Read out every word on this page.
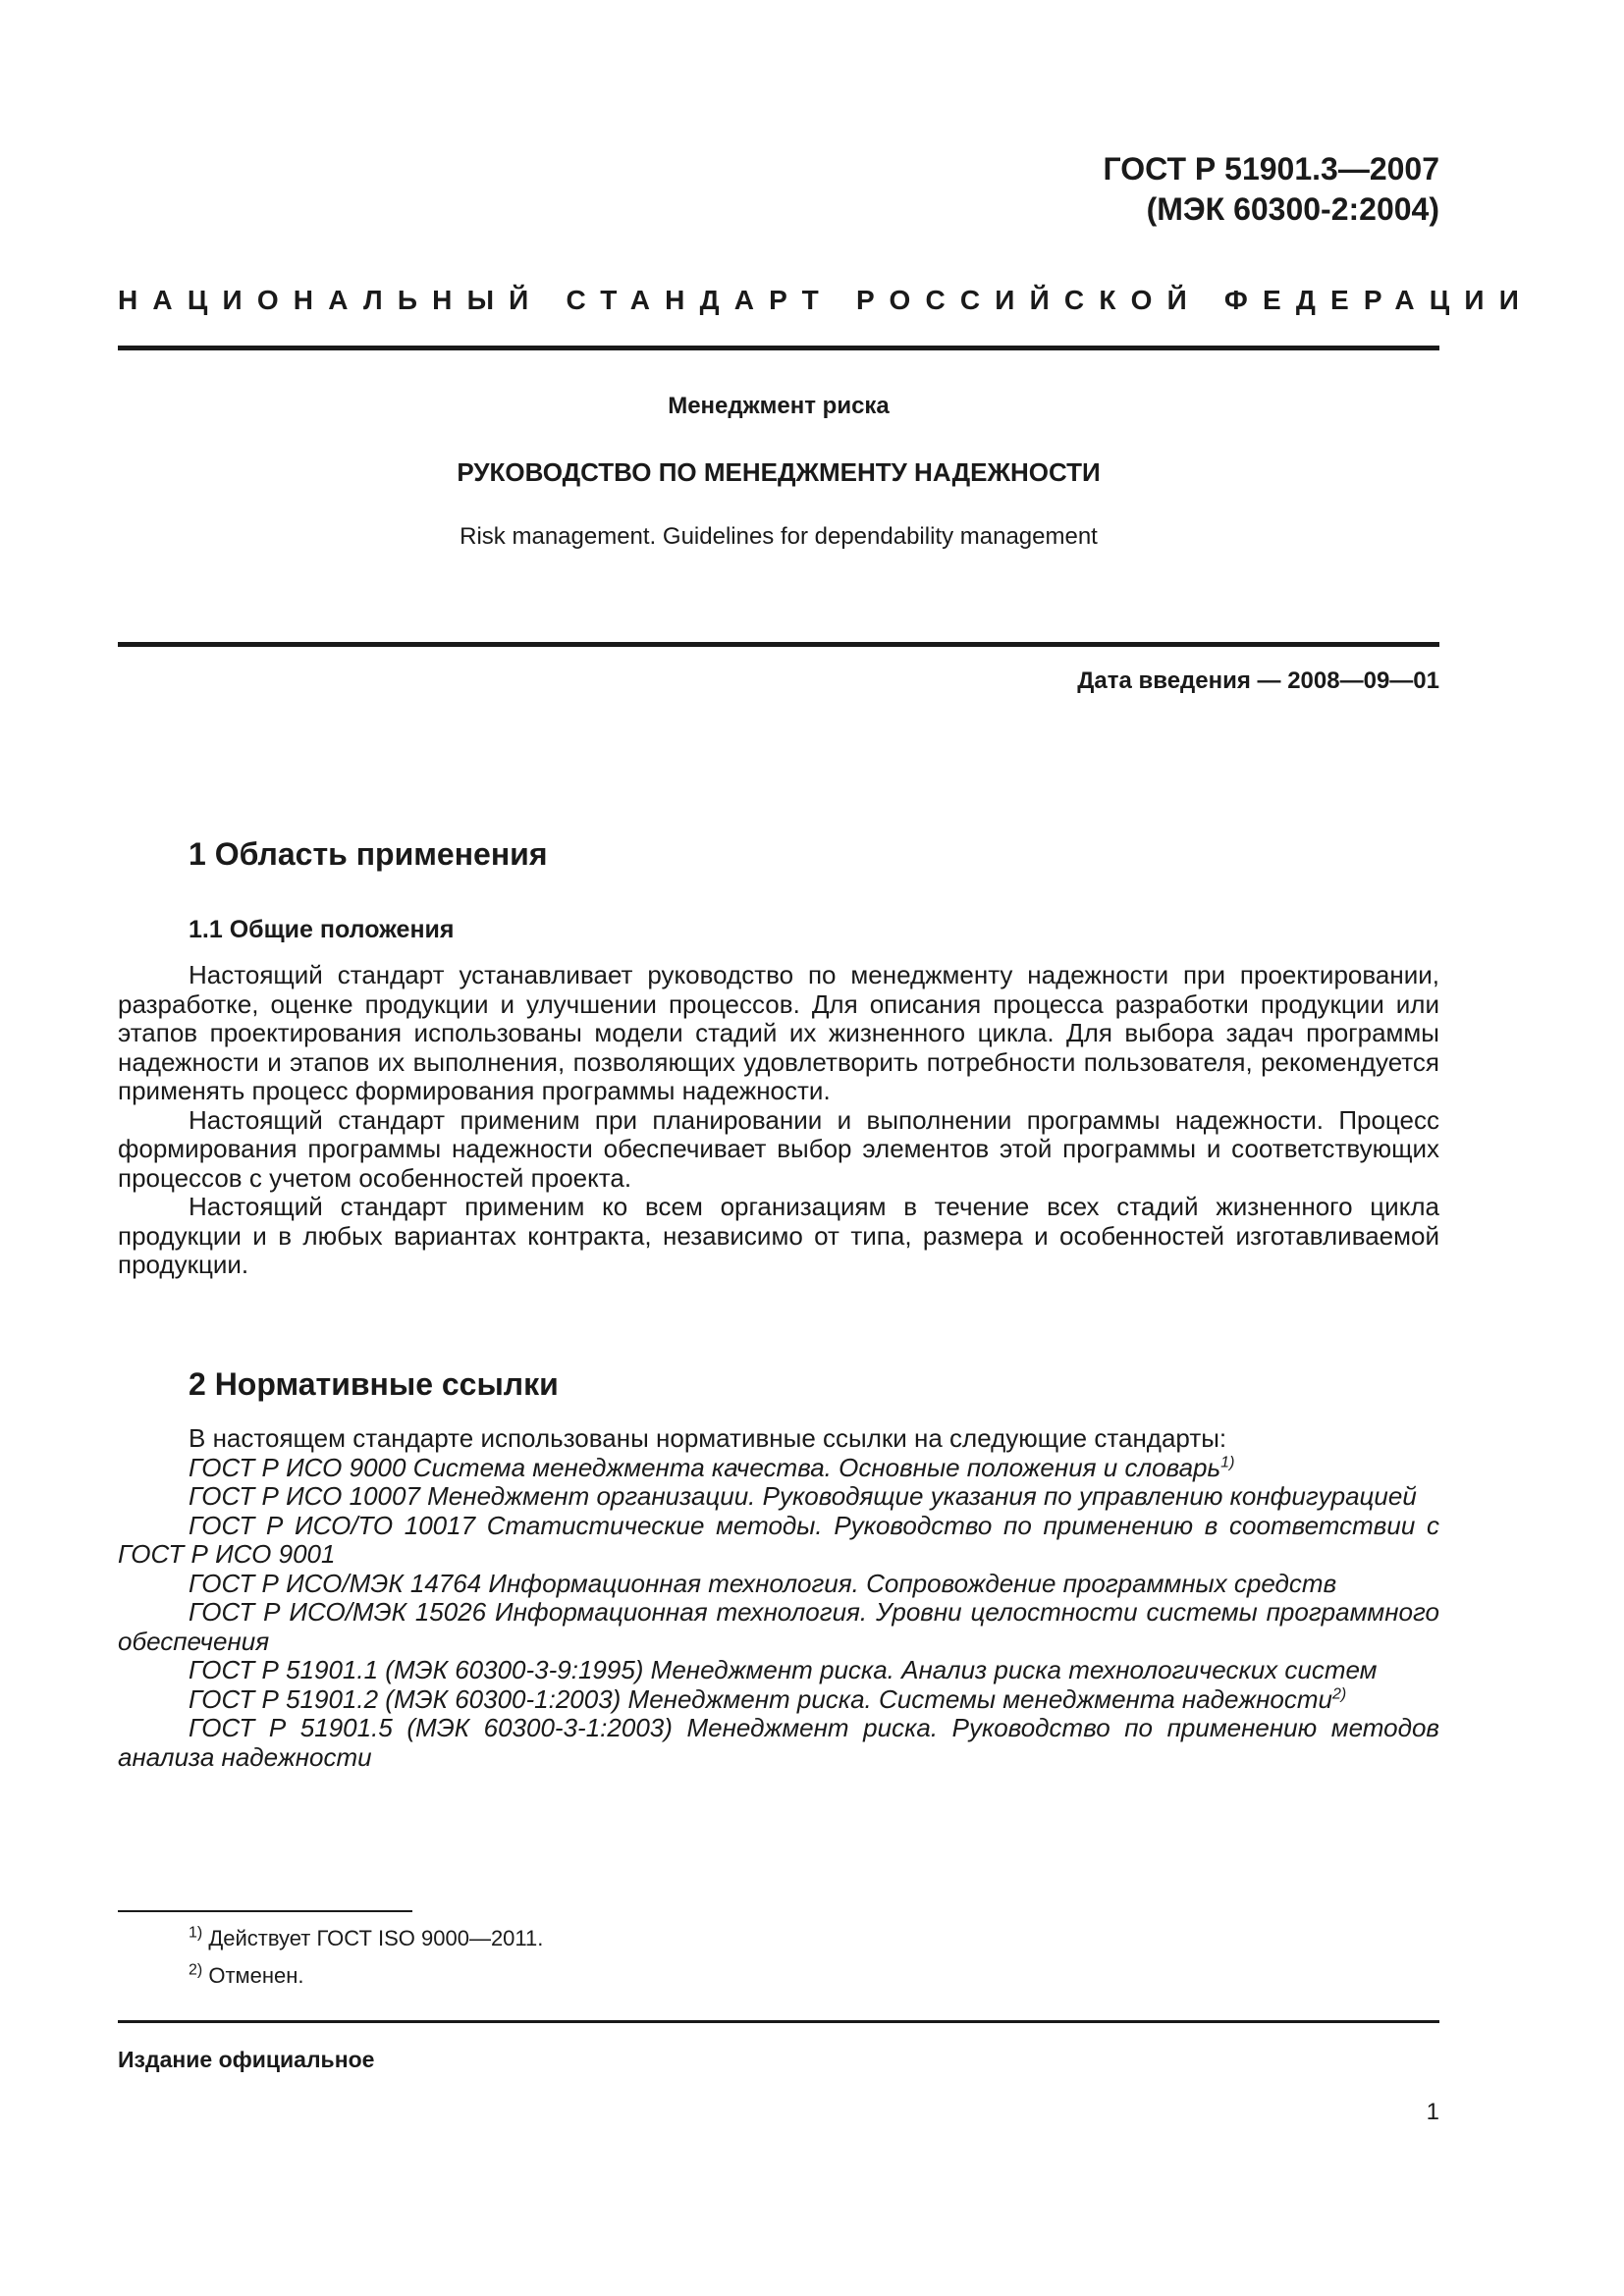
ГОСТ Р 51901.3—2007
(МЭК 60300-2:2004)
НАЦИОНАЛЬНЫЙ СТАНДАРТ РОССИЙСКОЙ ФЕДЕРАЦИИ
Менеджмент риска
РУКОВОДСТВО ПО МЕНЕДЖМЕНТУ НАДЕЖНОСТИ
Risk management. Guidelines for dependability management
Дата введения — 2008—09—01
1 Область применения
1.1 Общие положения

Настоящий стандарт устанавливает руководство по менеджменту надежности при проектировании, разработке, оценке продукции и улучшении процессов. Для описания процесса разработки продукции или этапов проектирования использованы модели стадий их жизненного цикла. Для выбора задач программы надежности и этапов их выполнения, позволяющих удовлетворить потребности пользователя, рекомендуется применять процесс формирования программы надежности.

Настоящий стандарт применим при планировании и выполнении программы надежности. Процесс формирования программы надежности обеспечивает выбор элементов этой программы и соответствующих процессов с учетом особенностей проекта.

Настоящий стандарт применим ко всем организациям в течение всех стадий жизненного цикла продукции и в любых вариантах контракта, независимо от типа, размера и особенностей изготавливаемой продукции.

2 Нормативные ссылки

В настоящем стандарте использованы нормативные ссылки на следующие стандарты:

ГОСТ Р ИСО 9000 Система менеджмента качества. Основные положения и словарь$^{1)}$

ГОСТ Р ИСО 10007 Менеджмент организации. Руководящие указания по управлению конфигурацией

ГОСТ Р ИСО/ТО 10017 Статистические методы. Руководство по применению в соответствии с ГОСТ Р ИСО 9001

ГОСТ Р ИСО/МЭК 14764 Информационная технология. Сопровождение программных средств

ГОСТ Р ИСО/МЭК 15026 Информационная технология. Уровни целостности системы программного обеспечения

ГОСТ Р 51901.1 (МЭК 60300-3-9:1995) Менеджмент риска. Анализ риска технологических систем

ГОСТ Р 51901.2 (МЭК 60300-1:2003) Менеджмент риска. Системы менеджмента надежности$^{2)}$

ГОСТ Р 51901.5 (МЭК 60300-3-1:2003) Менеджмент риска. Руководство по применению методов анализа надежности

$^{1)}$ Действует ГОСТ ISO 9000—2011.
$^{2)}$ Отменен.
Издание официальное
1
